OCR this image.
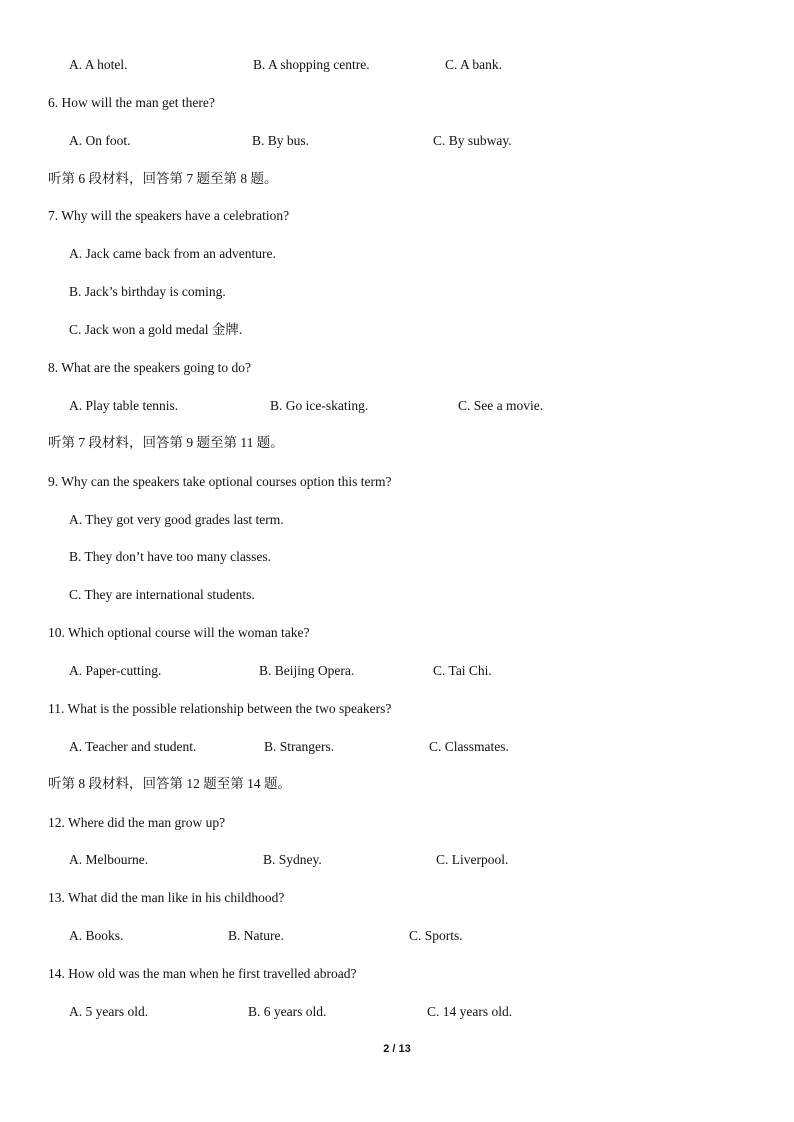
A. A hotel.	B. A shopping centre.	C. A bank.
6. How will the man get there?
A. On foot.	B. By bus.	C. By subway.
听第 6 段材料，回答第 7 题至第 8 题。
7. Why will the speakers have a celebration?
A. Jack came back from an adventure.
B. Jack’s birthday is coming.
C. Jack won a gold medal 金牌.
8. What are the speakers going to do?
A. Play table tennis.	B. Go ice-skating.	C. See a movie.
听第 7 段材料，回答第 9 题至第 11 题。
9. Why can the speakers take optional courses option this term?
A. They got very good grades last term.
B. They don’t have too many classes.
C. They are international students.
10. Which optional course will the woman take?
A. Paper-cutting.	B. Beijing Opera.	C. Tai Chi.
11. What is the possible relationship between the two speakers?
A. Teacher and student.	B. Strangers.	C. Classmates.
听第 8 段材料，回答第 12 题至第 14 题。
12. Where did the man grow up?
A. Melbourne.	B. Sydney.	C. Liverpool.
13. What did the man like in his childhood?
A. Books.	B. Nature.	C. Sports.
14. How old was the man when he first travelled abroad?
A. 5 years old.	B. 6 years old.	C. 14 years old.
2 / 13
